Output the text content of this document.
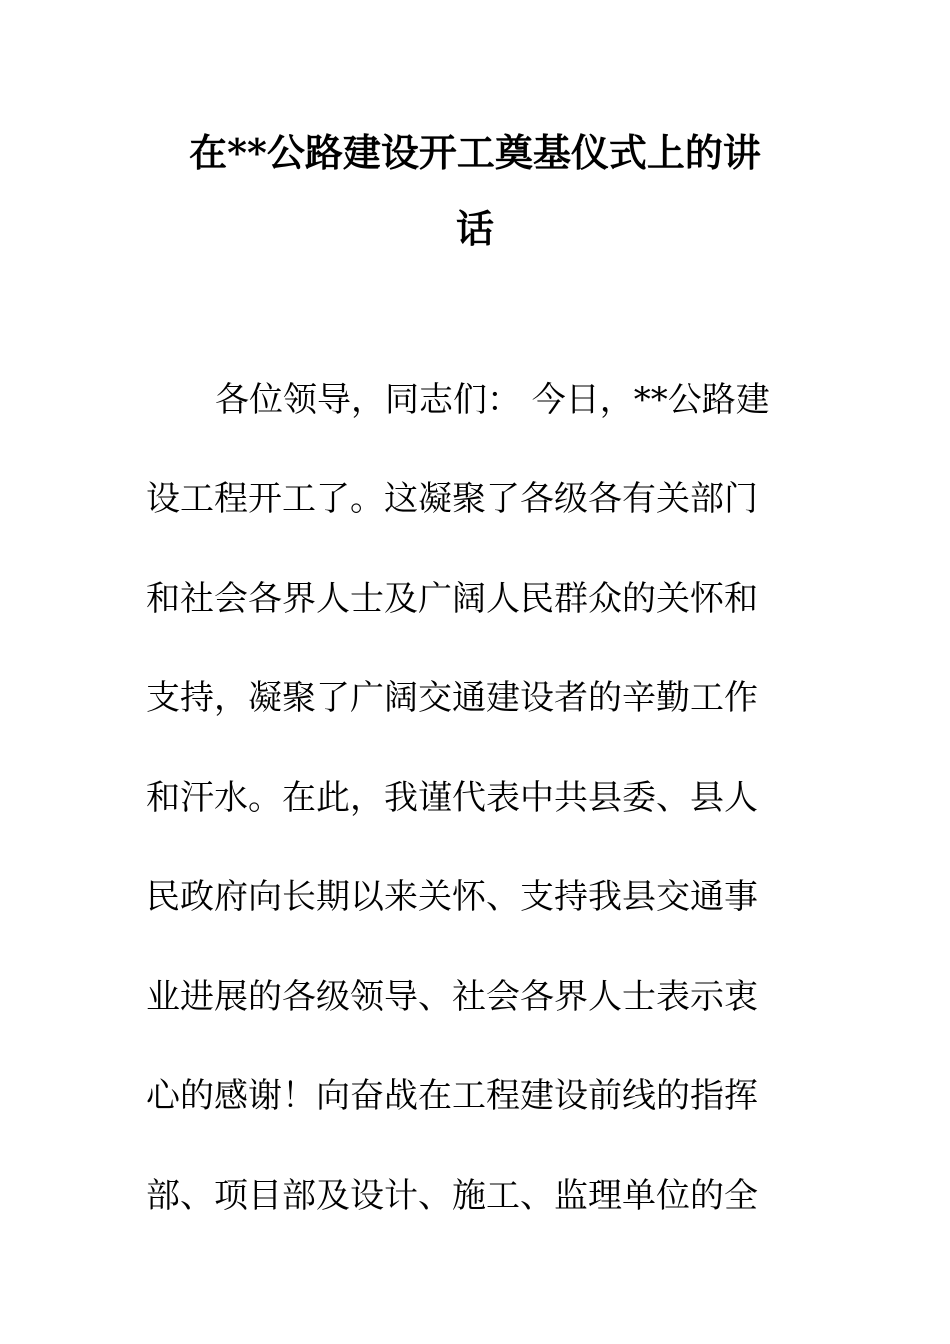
在**公路建设开工奠基仪式上的讲
话
各位领导，同志们： 今日，**公路建
设工程开工了。这凝聚了各级各有关部门
和社会各界人士及广阔人民群众的关怀和
支持，凝聚了广阔交通建设者的辛勤工作
和汗水。在此，我谨代表中共县委、县人
民政府向长期以来关怀、支持我县交通事
业进展的各级领导、社会各界人士表示衷
心的感谢！向奋战在工程建设前线的指挥
部、项目部及设计、施工、监理单位的全
